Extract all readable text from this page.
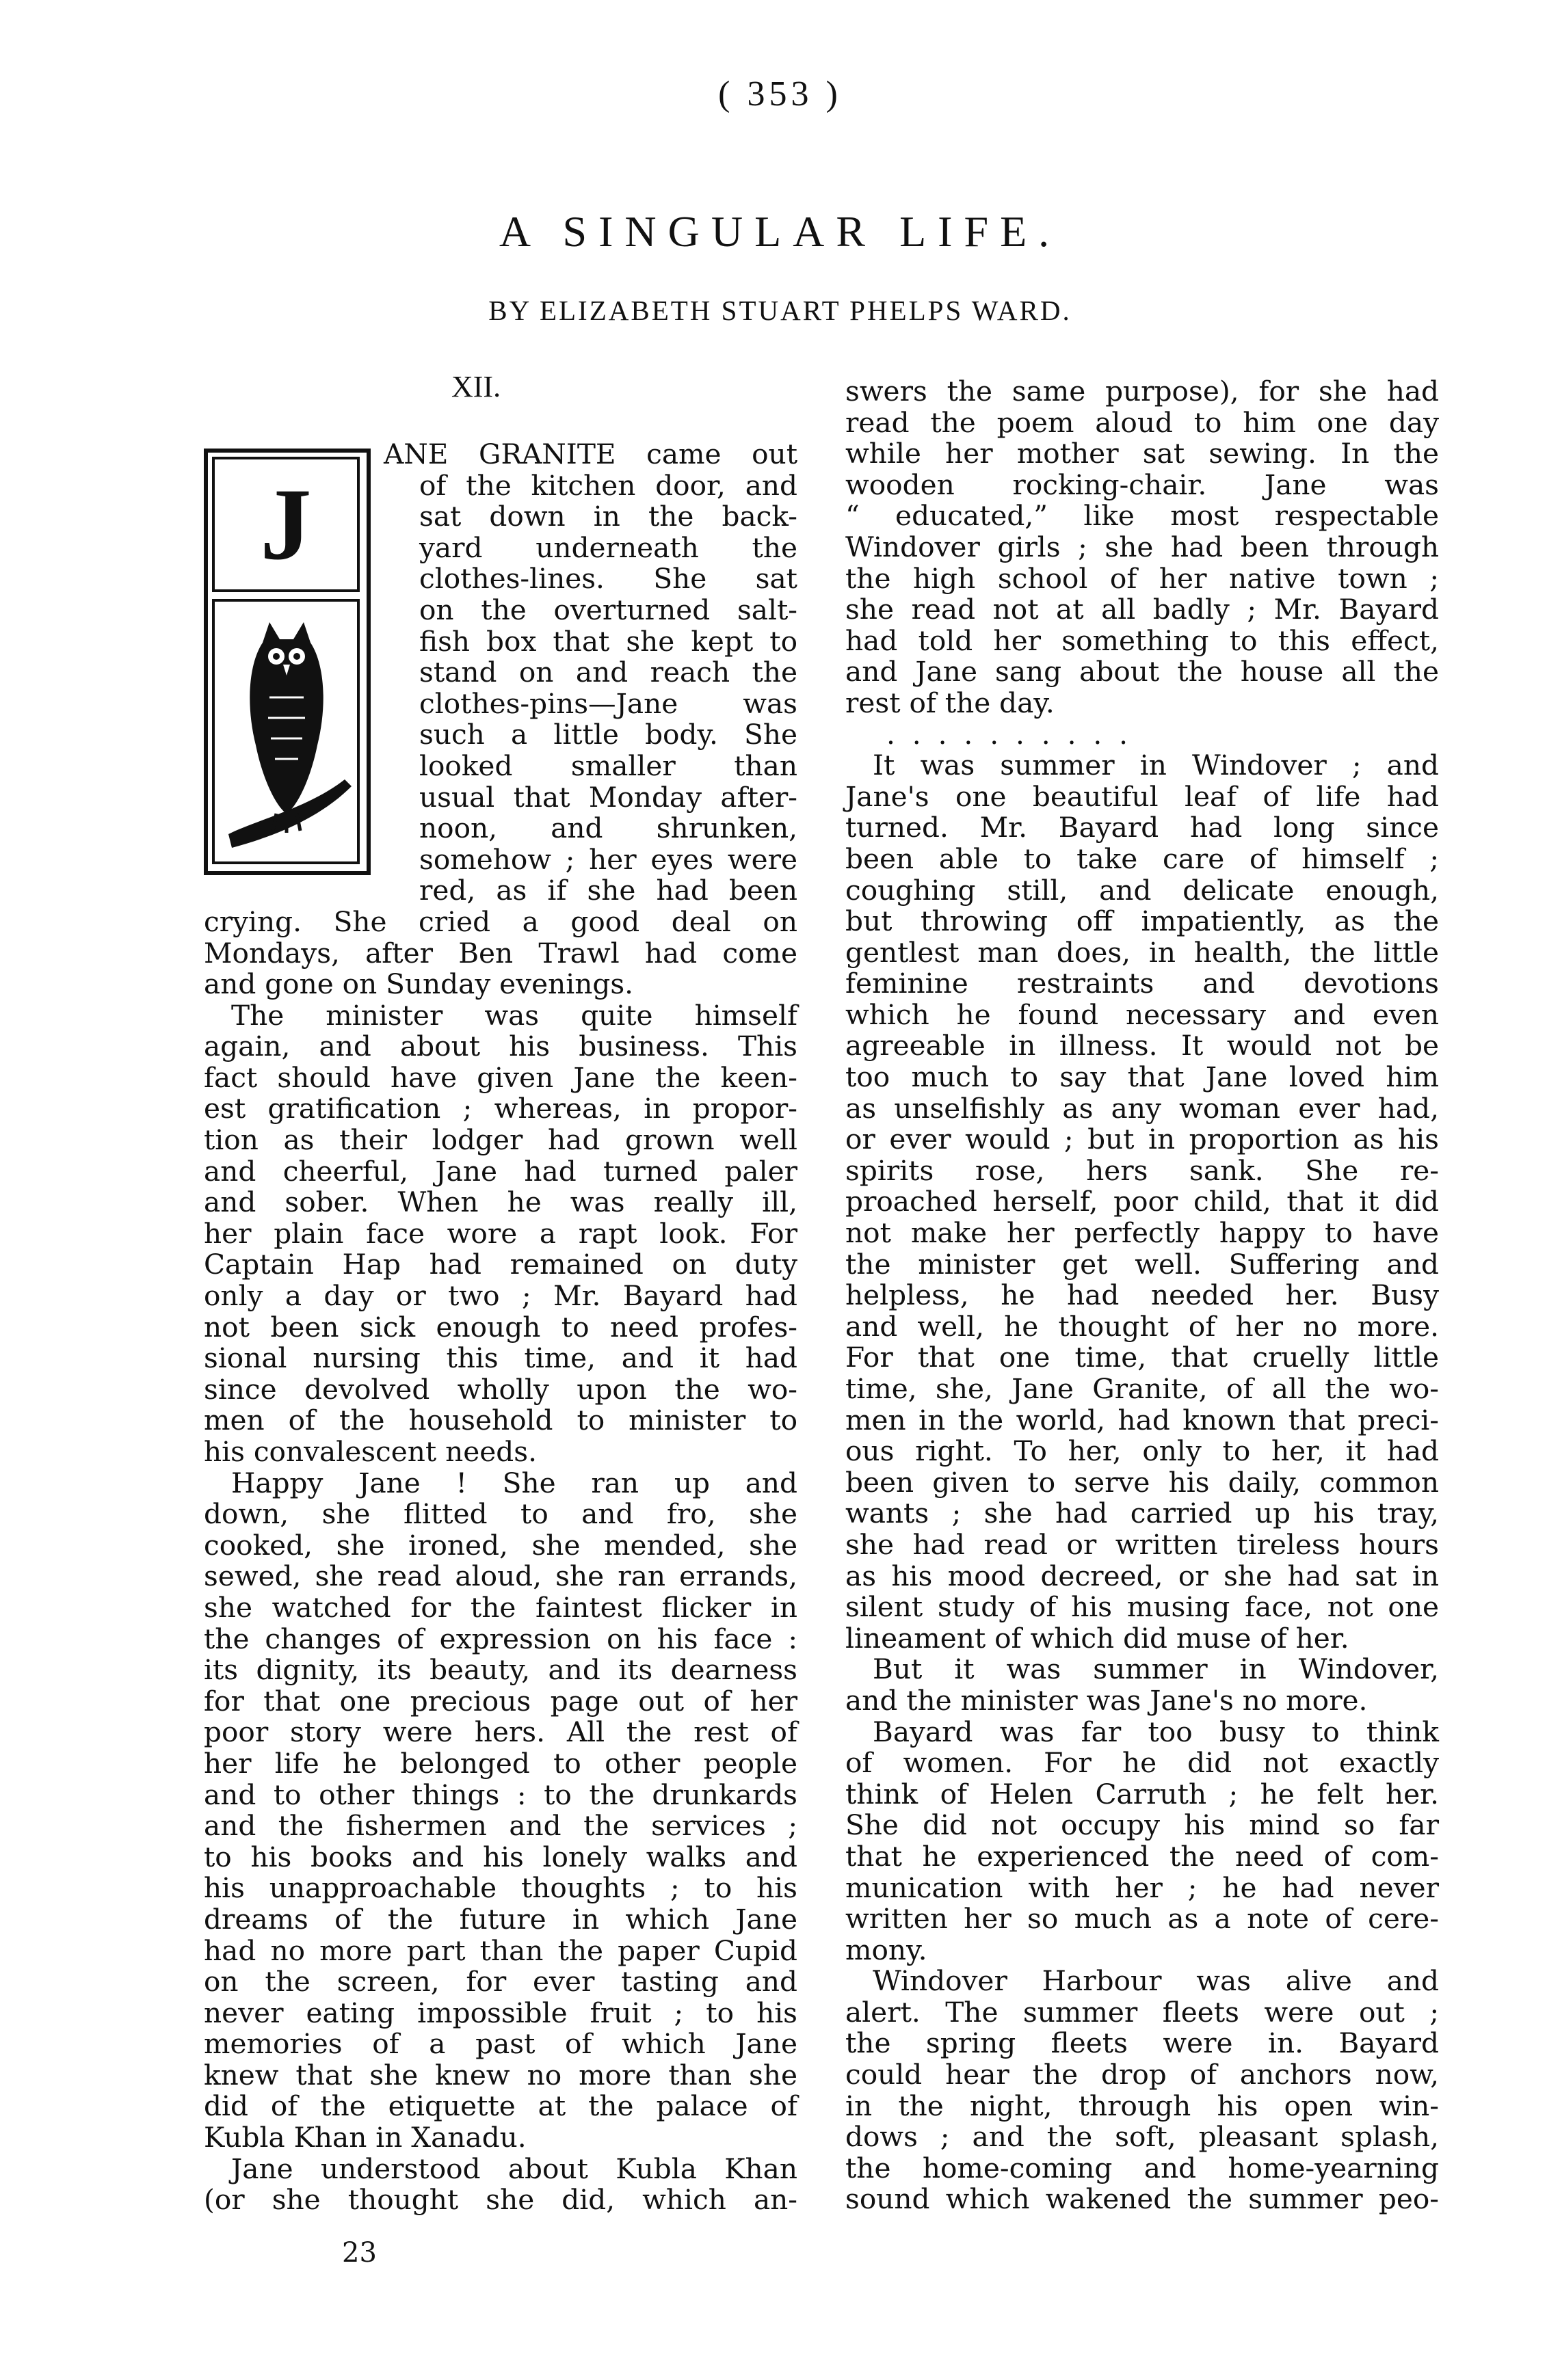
( 353 )
A SINGULAR LIFE.
BY ELIZABETH STUART PHELPS WARD.
XII.
J
ANE GRANITE came out
of the kitchen door, and
sat down in the back-
yard underneath the
clothes-lines. She sat
on the overturned salt-
fish box that she kept to
stand on and reach the
clothes-pins—Jane was
such a little body. She
looked smaller than
usual that Monday after-
noon, and shrunken,
somehow ; her eyes were
red, as if she had been
crying. She cried a good deal on
Mondays, after Ben Trawl had come
and gone on Sunday evenings.
The minister was quite himself
again, and about his business. This
fact should have given Jane the keen-
est gratification ; whereas, in propor-
tion as their lodger had grown well
and cheerful, Jane had turned paler
and sober. When he was really ill,
her plain face wore a rapt look. For
Captain Hap had remained on duty
only a day or two ; Mr. Bayard had
not been sick enough to need profes-
sional nursing this time, and it had
since devolved wholly upon the wo-
men of the household to minister to
his convalescent needs.
Happy Jane ! She ran up and
down, she flitted to and fro, she
cooked, she ironed, she mended, she
sewed, she read aloud, she ran errands,
she watched for the faintest flicker in
the changes of expression on his face :
its dignity, its beauty, and its dearness
for that one precious page out of her
poor story were hers. All the rest of
her life he belonged to other people
and to other things : to the drunkards
and the fishermen and the services ;
to his books and his lonely walks and
his unapproachable thoughts ; to his
dreams of the future in which Jane
had no more part than the paper Cupid
on the screen, for ever tasting and
never eating impossible fruit ; to his
memories of a past of which Jane
knew that she knew no more than she
did of the etiquette at the palace of
Kubla Khan in Xanadu.
Jane understood about Kubla Khan
(or she thought she did, which an-
23
swers the same purpose), for she had
read the poem aloud to him one day
while her mother sat sewing. In the
wooden rocking-chair. Jane was
“ educated,” like most respectable
Windover girls ; she had been through
the high school of her native town ;
she read not at all badly ; Mr. Bayard
had told her something to this effect,
and Jane sang about the house all the
rest of the day.
. . . . . . . . . .
It was summer in Windover ; and
Jane's one beautiful leaf of life had
turned. Mr. Bayard had long since
been able to take care of himself ;
coughing still, and delicate enough,
but throwing off impatiently, as the
gentlest man does, in health, the little
feminine restraints and devotions
which he found necessary and even
agreeable in illness. It would not be
too much to say that Jane loved him
as unselfishly as any woman ever had,
or ever would ; but in proportion as his
spirits rose, hers sank. She re-
proached herself, poor child, that it did
not make her perfectly happy to have
the minister get well. Suffering and
helpless, he had needed her. Busy
and well, he thought of her no more.
For that one time, that cruelly little
time, she, Jane Granite, of all the wo-
men in the world, had known that preci-
ous right. To her, only to her, it had
been given to serve his daily, common
wants ; she had carried up his tray,
she had read or written tireless hours
as his mood decreed, or she had sat in
silent study of his musing face, not one
lineament of which did muse of her.
But it was summer in Windover,
and the minister was Jane's no more.
Bayard was far too busy to think
of women. For he did not exactly
think of Helen Carruth ; he felt her.
She did not occupy his mind so far
that he experienced the need of com-
munication with her ; he had never
written her so much as a note of cere-
mony.
Windover Harbour was alive and
alert. The summer fleets were out ;
the spring fleets were in. Bayard
could hear the drop of anchors now,
in the night, through his open win-
dows ; and the soft, pleasant splash,
the home-coming and home-yearning
sound which wakened the summer peo-
